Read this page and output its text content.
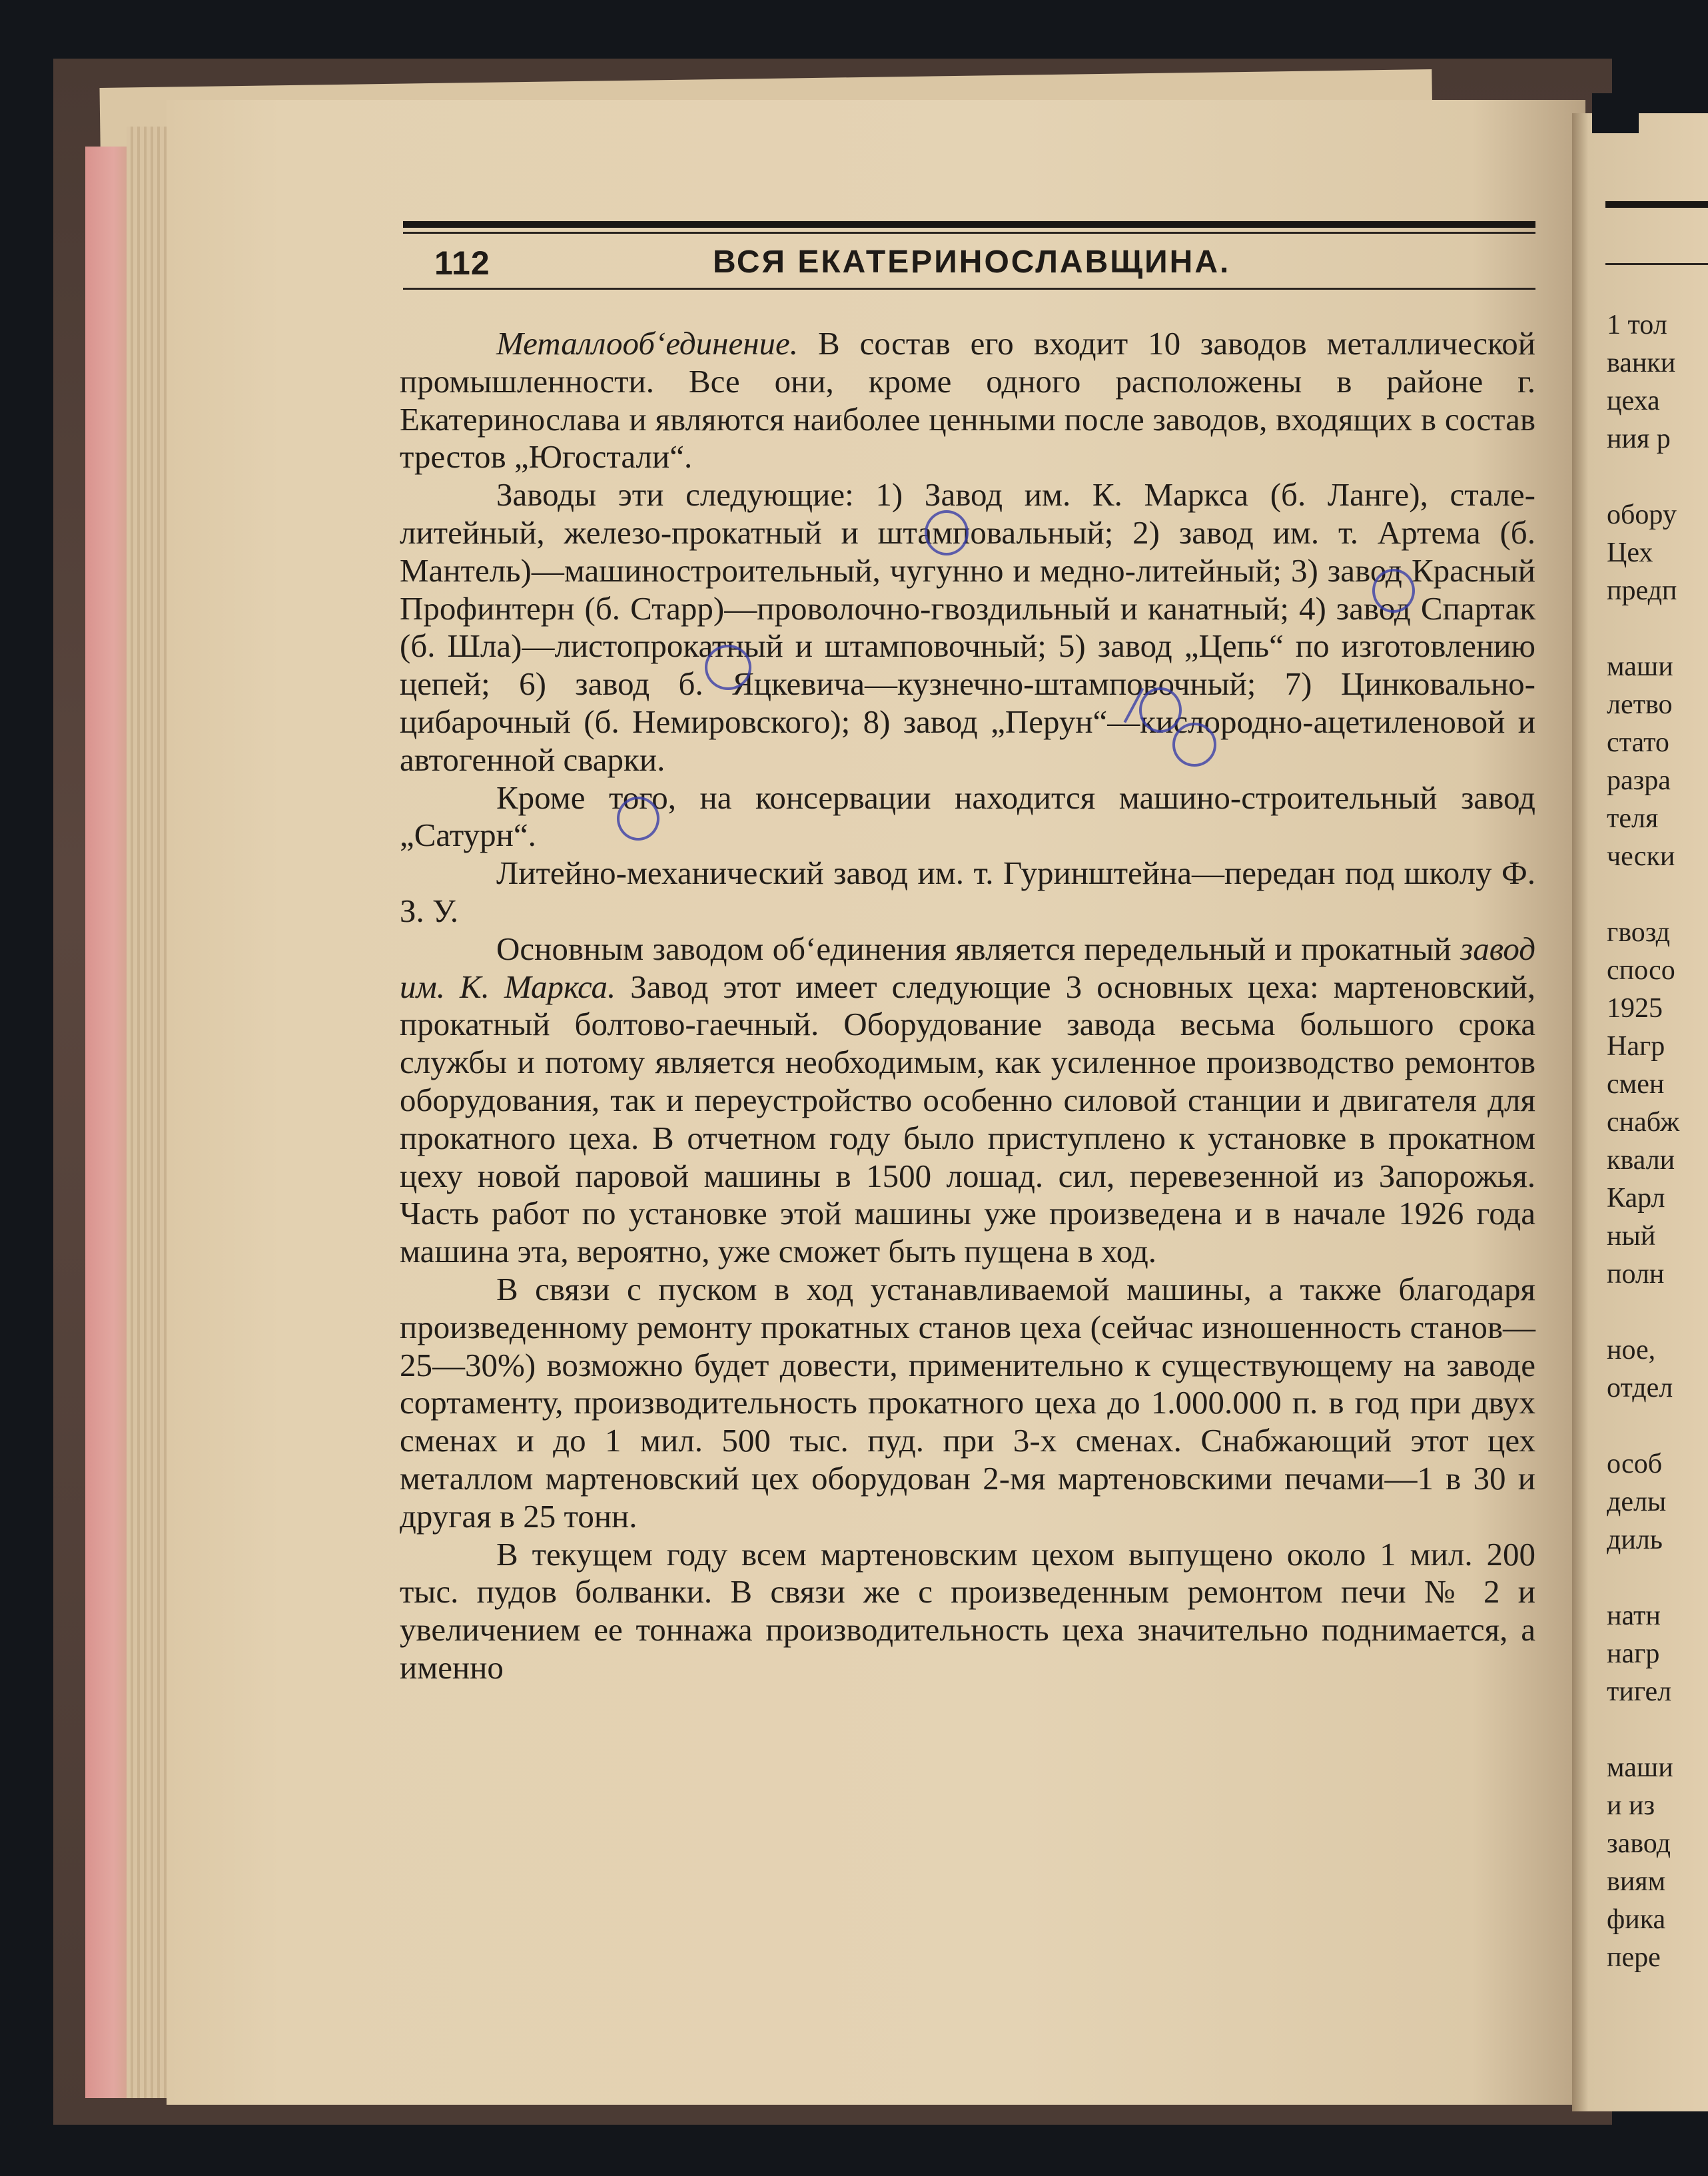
1 тол
ванки
цеха
ния р
обору
Цех
предп
маши
летво
стато
разра
теля
чески
гвозд
спосо
1925
Нагр
смен
снабж
квали
Карл
ный
полн
ное,
отдел
особ
делы
диль
натн
нагр
тигел
маши
и из
завод
виям
фика
пере
112	ВСЯ ЕКАТЕРИНОСЛАВЩИНА.

Металлооб‘единение. В состав его входит 10 заводов металлической промышленности. Все они, кроме одного расположены в районе г. Екатеринослава и являются наиболее ценными после заводов, входящих в состав трестов „Югостали“.

Заводы эти следующие: 1) Завод им. К. Маркса (б. Ланге), стале-литейный, железо-прокатный и штамповальный; 2) завод им. т. Артема (б. Мантель)—машиностроительный, чугунно и медно-литейный; 3) завод Красный Профинтерн (б. Старр)—проволочно-гвоздильный и канатный; 4) завод Спартак (б. Шла)—листопрокатный и штамповочный; 5) завод „Цепь“ по изготовлению цепей; 6) завод б. Яцкевича—кузнечно-штамповочный; 7) Цинковально-цибарочный (б. Немировского); 8) завод „Перун“—кислородно-ацетиленовой и автогенной сварки.

Кроме того, на консервации находится машино-строительный завод „Сатурн“.

Литейно-механический завод им. т. Гуринштейна—передан под школу Ф. З. У.

Основным заводом об‘единения является передельный и прокатный завод им. К. Маркса. Завод этот имеет следующие 3 основных цеха: мартеновский, прокатный болтово-гаечный. Оборудование завода весьма большого срока службы и потому является необходимым, как усиленное производство ремонтов оборудования, так и переустройство особенно силовой станции и двигателя для прокатного цеха. В отчетном году было приступлено к установке в прокатном цеху новой паровой машины в 1500 лошад. сил, перевезенной из Запорожья. Часть работ по установке этой машины уже произведена и в начале 1926 года машина эта, вероятно, уже сможет быть пущена в ход.

В связи с пуском в ход устанавливаемой машины, а также благодаря произведенному ремонту прокатных станов цеха (сейчас изношенность станов—25—30%) возможно будет довести, применительно к существующему на заводе сортаменту, производительность прокатного цеха до 1.000.000 п. в год при двух сменах и до 1 мил. 500 тыс. пуд. при 3-х сменах. Снабжающий этот цех металлом мартеновский цех оборудован 2-мя мартеновскими печами—1 в 30 и другая в 25 тонн.

В текущем году всем мартеновским цехом выпущено около 1 мил. 200 тыс. пудов болванки. В связи же с произведенным ремонтом печи № 2 и увеличением ее тоннажа производительность цеха значительно поднимается, а именно
